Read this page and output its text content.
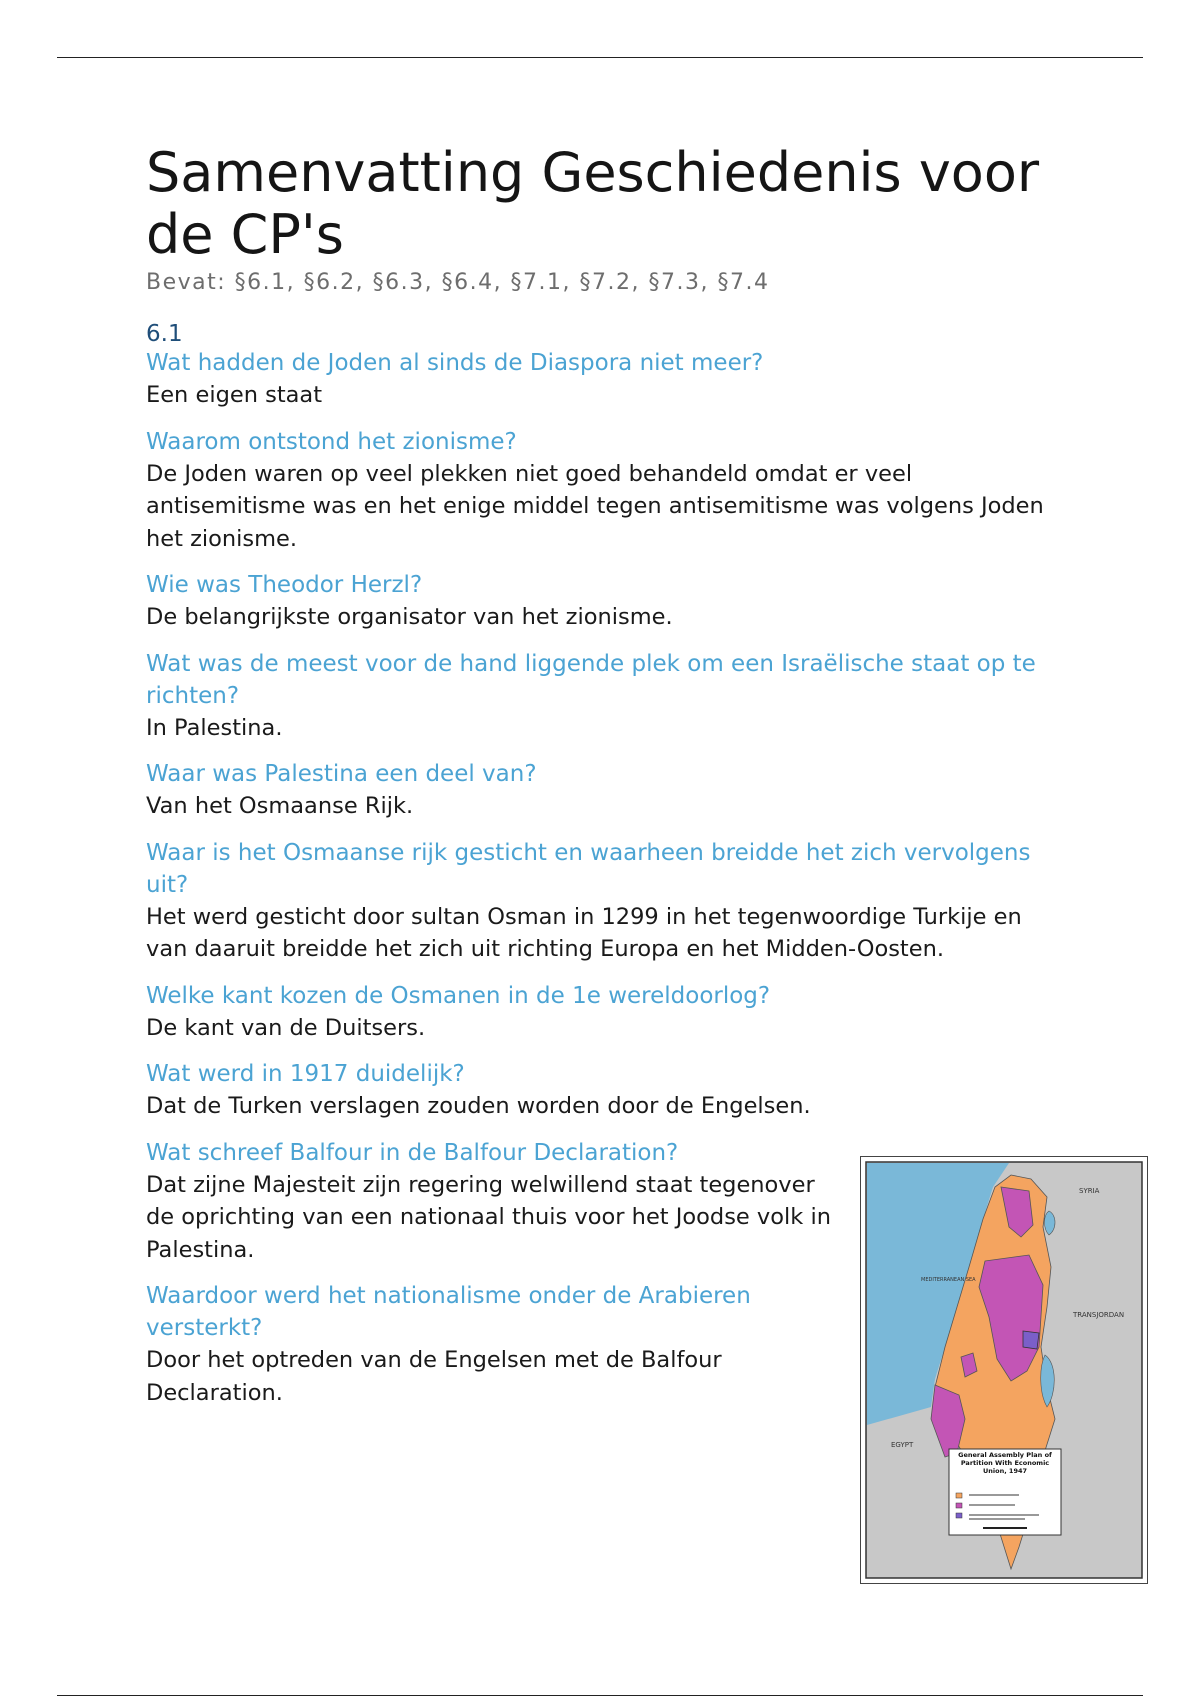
Samenvatting Geschiedenis voor de CP's
Bevat: §6.1, §6.2, §6.3, §6.4, §7.1, §7.2, §7.3, §7.4
6.1
Wat hadden de Joden al sinds de Diaspora niet meer?
Een eigen staat
Waarom ontstond het zionisme?
De Joden waren op veel plekken niet goed behandeld omdat er veel antisemitisme was en het enige middel tegen antisemitisme was volgens Joden het zionisme.
Wie was Theodor Herzl?
De belangrijkste organisator van het zionisme.
Wat was de meest voor de hand liggende plek om een Israëlische staat op te richten?
In Palestina.
Waar was Palestina een deel van?
Van het Osmaanse Rijk.
Waar is het Osmaanse rijk gesticht en waarheen breidde het zich vervolgens uit?
Het werd gesticht door sultan Osman in 1299 in het tegenwoordige Turkije en van daaruit breidde het zich uit richting Europa en het Midden-Oosten.
Welke kant kozen de Osmanen in de 1e wereldoorlog?
De kant van de Duitsers.
Wat werd in 1917 duidelijk?
Dat de Turken verslagen zouden worden door de Engelsen.
Wat schreef Balfour in de Balfour Declaration?
Dat zijne Majesteit zijn regering welwillend staat tegenover de oprichting van een nationaal thuis voor het Joodse volk in Palestina.
Waardoor werd het nationalisme onder de Arabieren versterkt?
Door het optreden van de Engelsen met de Balfour Declaration.
SYRIA
TRANSJORDAN
EGYPT
MEDITERRANEAN SEA
General Assembly Plan of Partition With Economic Union, 1947
